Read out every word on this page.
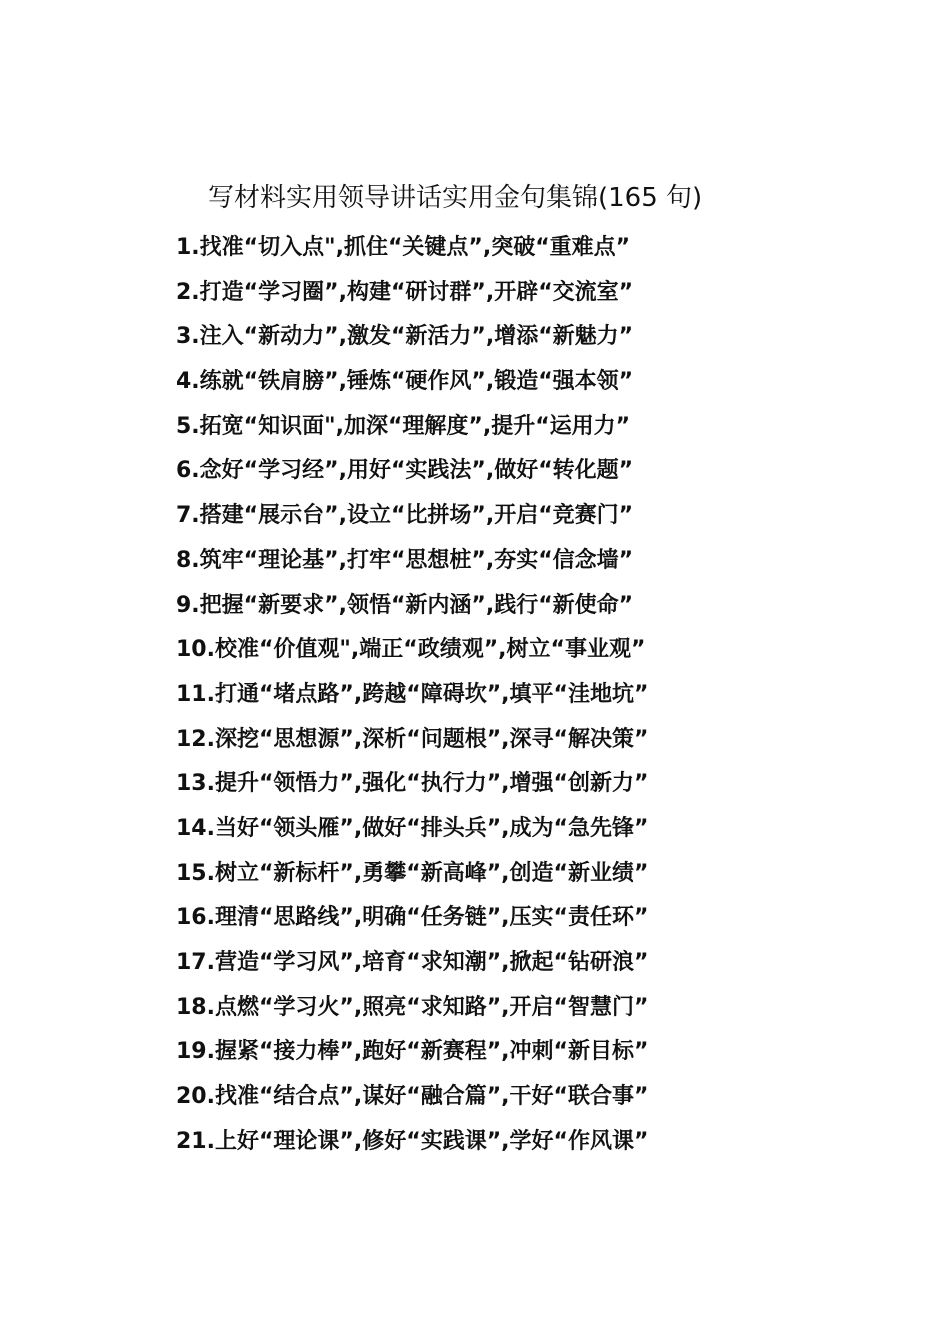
写材料实用领导讲话实用金句集锦(165 句)
1.找准“切入点",抓住“关键点”,突破“重难点”
2.打造“学习圈”,构建“研讨群”,开辟“交流室”
3.注入“新动力”,激发“新活力”,增添“新魅力”
4.练就“铁肩膀”,锤炼“硬作风”,锻造“强本领”
5.拓宽“知识面",加深“理解度”,提升“运用力”
6.念好“学习经”,用好“实践法”,做好“转化题”
7.搭建“展示台”,设立“比拼场”,开启“竞赛门”
8.筑牢“理论基”,打牢“思想桩”,夯实“信念墙”
9.把握“新要求”,领悟“新内涵”,践行“新使命”
10.校准“价值观",端正“政绩观”,树立“事业观”
11.打通“堵点路”,跨越“障碍坎”,填平“洼地坑”
12.深挖“思想源”,深析“问题根”,深寻“解决策”
13.提升“领悟力”,强化“执行力”,增强“创新力”
14.当好“领头雁”,做好“排头兵”,成为“急先锋”
15.树立“新标杆”,勇攀“新高峰”,创造“新业绩”
16.理清“思路线”,明确“任务链”,压实“责任环”
17.营造“学习风”,培育“求知潮”,掀起“钻研浪”
18.点燃“学习火”,照亮“求知路”,开启“智慧门”
19.握紧“接力棒”,跑好“新赛程”,冲刺“新目标”
20.找准“结合点”,谋好“融合篇”,干好“联合事”
21.上好“理论课”,修好“实践课”,学好“作风课”
